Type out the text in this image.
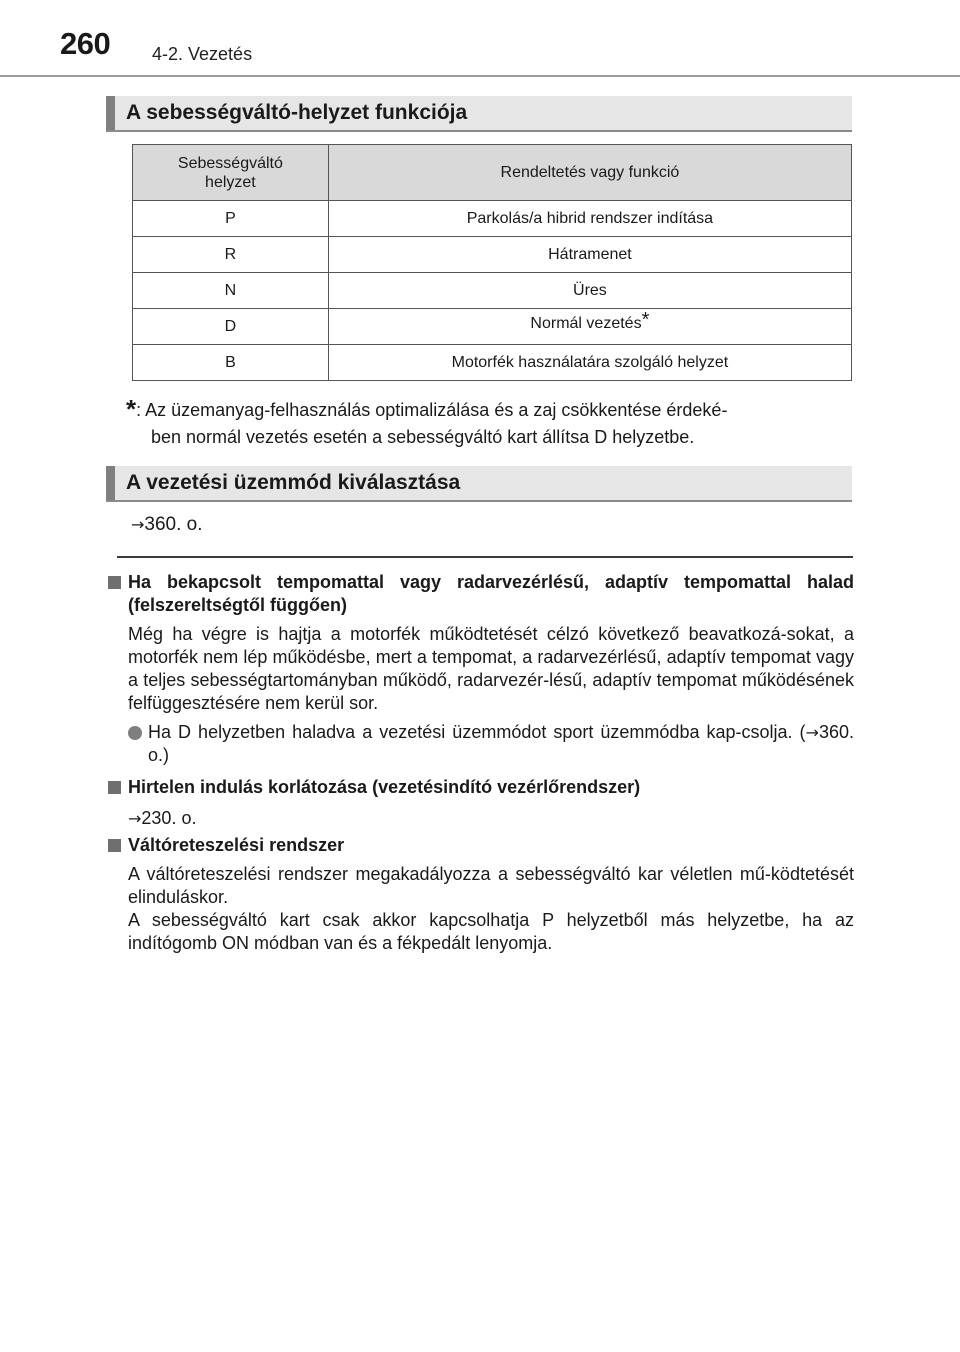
260 4-2. Vezetés
A sebességváltó-helyzet funkciója
Sebességváltó
helyzet	Rendeltetés vagy funkció
P	Parkolás/a hibrid rendszer indítása
R	Hátramenet
N	Üres
D	Normál vezetés*
B	Motorfék használatára szolgáló helyzet
*: Az üzemanyag-felhasználás optimalizálása és a zaj csökkentése érdeké-
ben normál vezetés esetén a sebességváltó kart állítsa D helyzetbe.
A vezetési üzemmód kiválasztása
→360. o.
Ha bekapcsolt tempomattal vagy radarvezérlésű, adaptív tempomattal halad (felszereltségtől függően)
Még ha végre is hajtja a motorfék működtetését célzó következő beavatkozá-sokat, a motorfék nem lép működésbe, mert a tempomat, a radarvezérlésű, adaptív tempomat vagy a teljes sebességtartományban működő, radarvezér-lésű, adaptív tempomat működésének felfüggesztésére nem kerül sor.
Ha D helyzetben haladva a vezetési üzemmódot sport üzemmódba kap-csolja. (→360. o.)
Hirtelen indulás korlátozása (vezetésindító vezérlőrendszer)
→230. o.
Váltóreteszelési rendszer
A váltóreteszelési rendszer megakadályozza a sebességváltó kar véletlen mű-ködtetését elinduláskor.
A sebességváltó kart csak akkor kapcsolhatja P helyzetből más helyzetbe, ha az indítógomb ON módban van és a fékpedált lenyomja.
